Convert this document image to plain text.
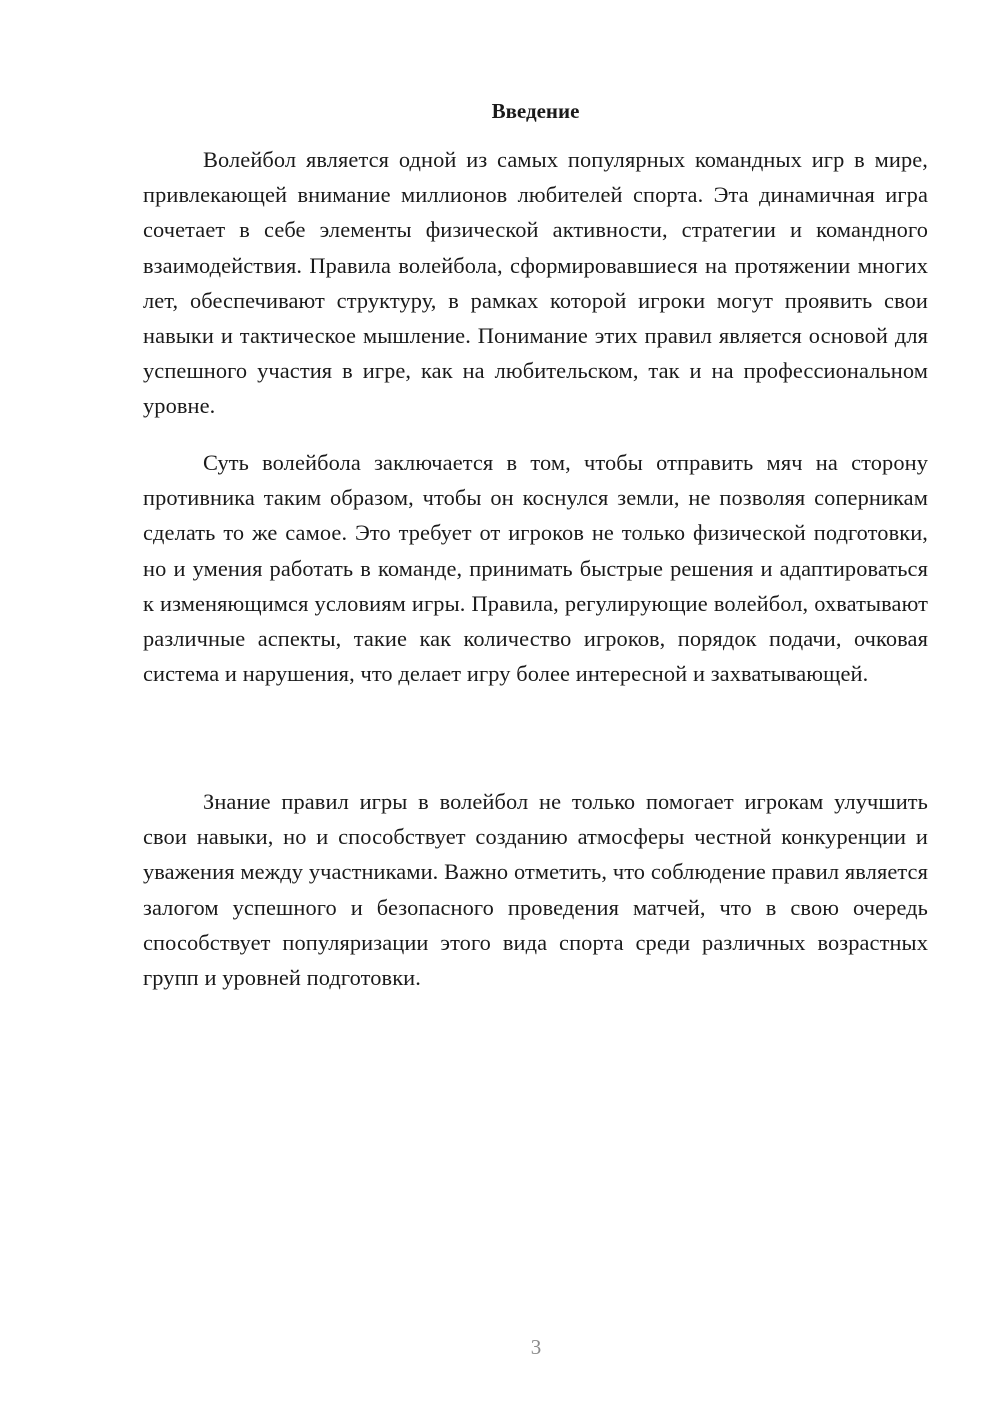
Введение

Волейбол является одной из самых популярных командных игр в мире, привлекающей внимание миллионов любителей спорта. Эта динамичная игра сочетает в себе элементы физической активности, стратегии и командного взаимодействия. Правила волейбола, сформировавшиеся на протяжении многих лет, обеспечивают структуру, в рамках которой игроки могут проявить свои навыки и тактическое мышление. Понимание этих правил является основой для успешного участия в игре, как на любительском, так и на профессиональном уровне.

Суть волейбола заключается в том, чтобы отправить мяч на сторону противника таким образом, чтобы он коснулся земли, не позволяя соперникам сделать то же самое. Это требует от игроков не только физической подготовки, но и умения работать в команде, принимать быстрые решения и адаптироваться к изменяющимся условиям игры. Правила, регулирующие волейбол, охватывают различные аспекты, такие как количество игроков, порядок подачи, очковая система и нарушения, что делает игру более интересной и захватывающей.

Знание правил игры в волейбол не только помогает игрокам улучшить свои навыки, но и способствует созданию атмосферы честной конкуренции и уважения между участниками. Важно отметить, что соблюдение правил является залогом успешного и безопасного проведения матчей, что в свою очередь способствует популяризации этого вида спорта среди различных возрастных групп и уровней подготовки.

3
